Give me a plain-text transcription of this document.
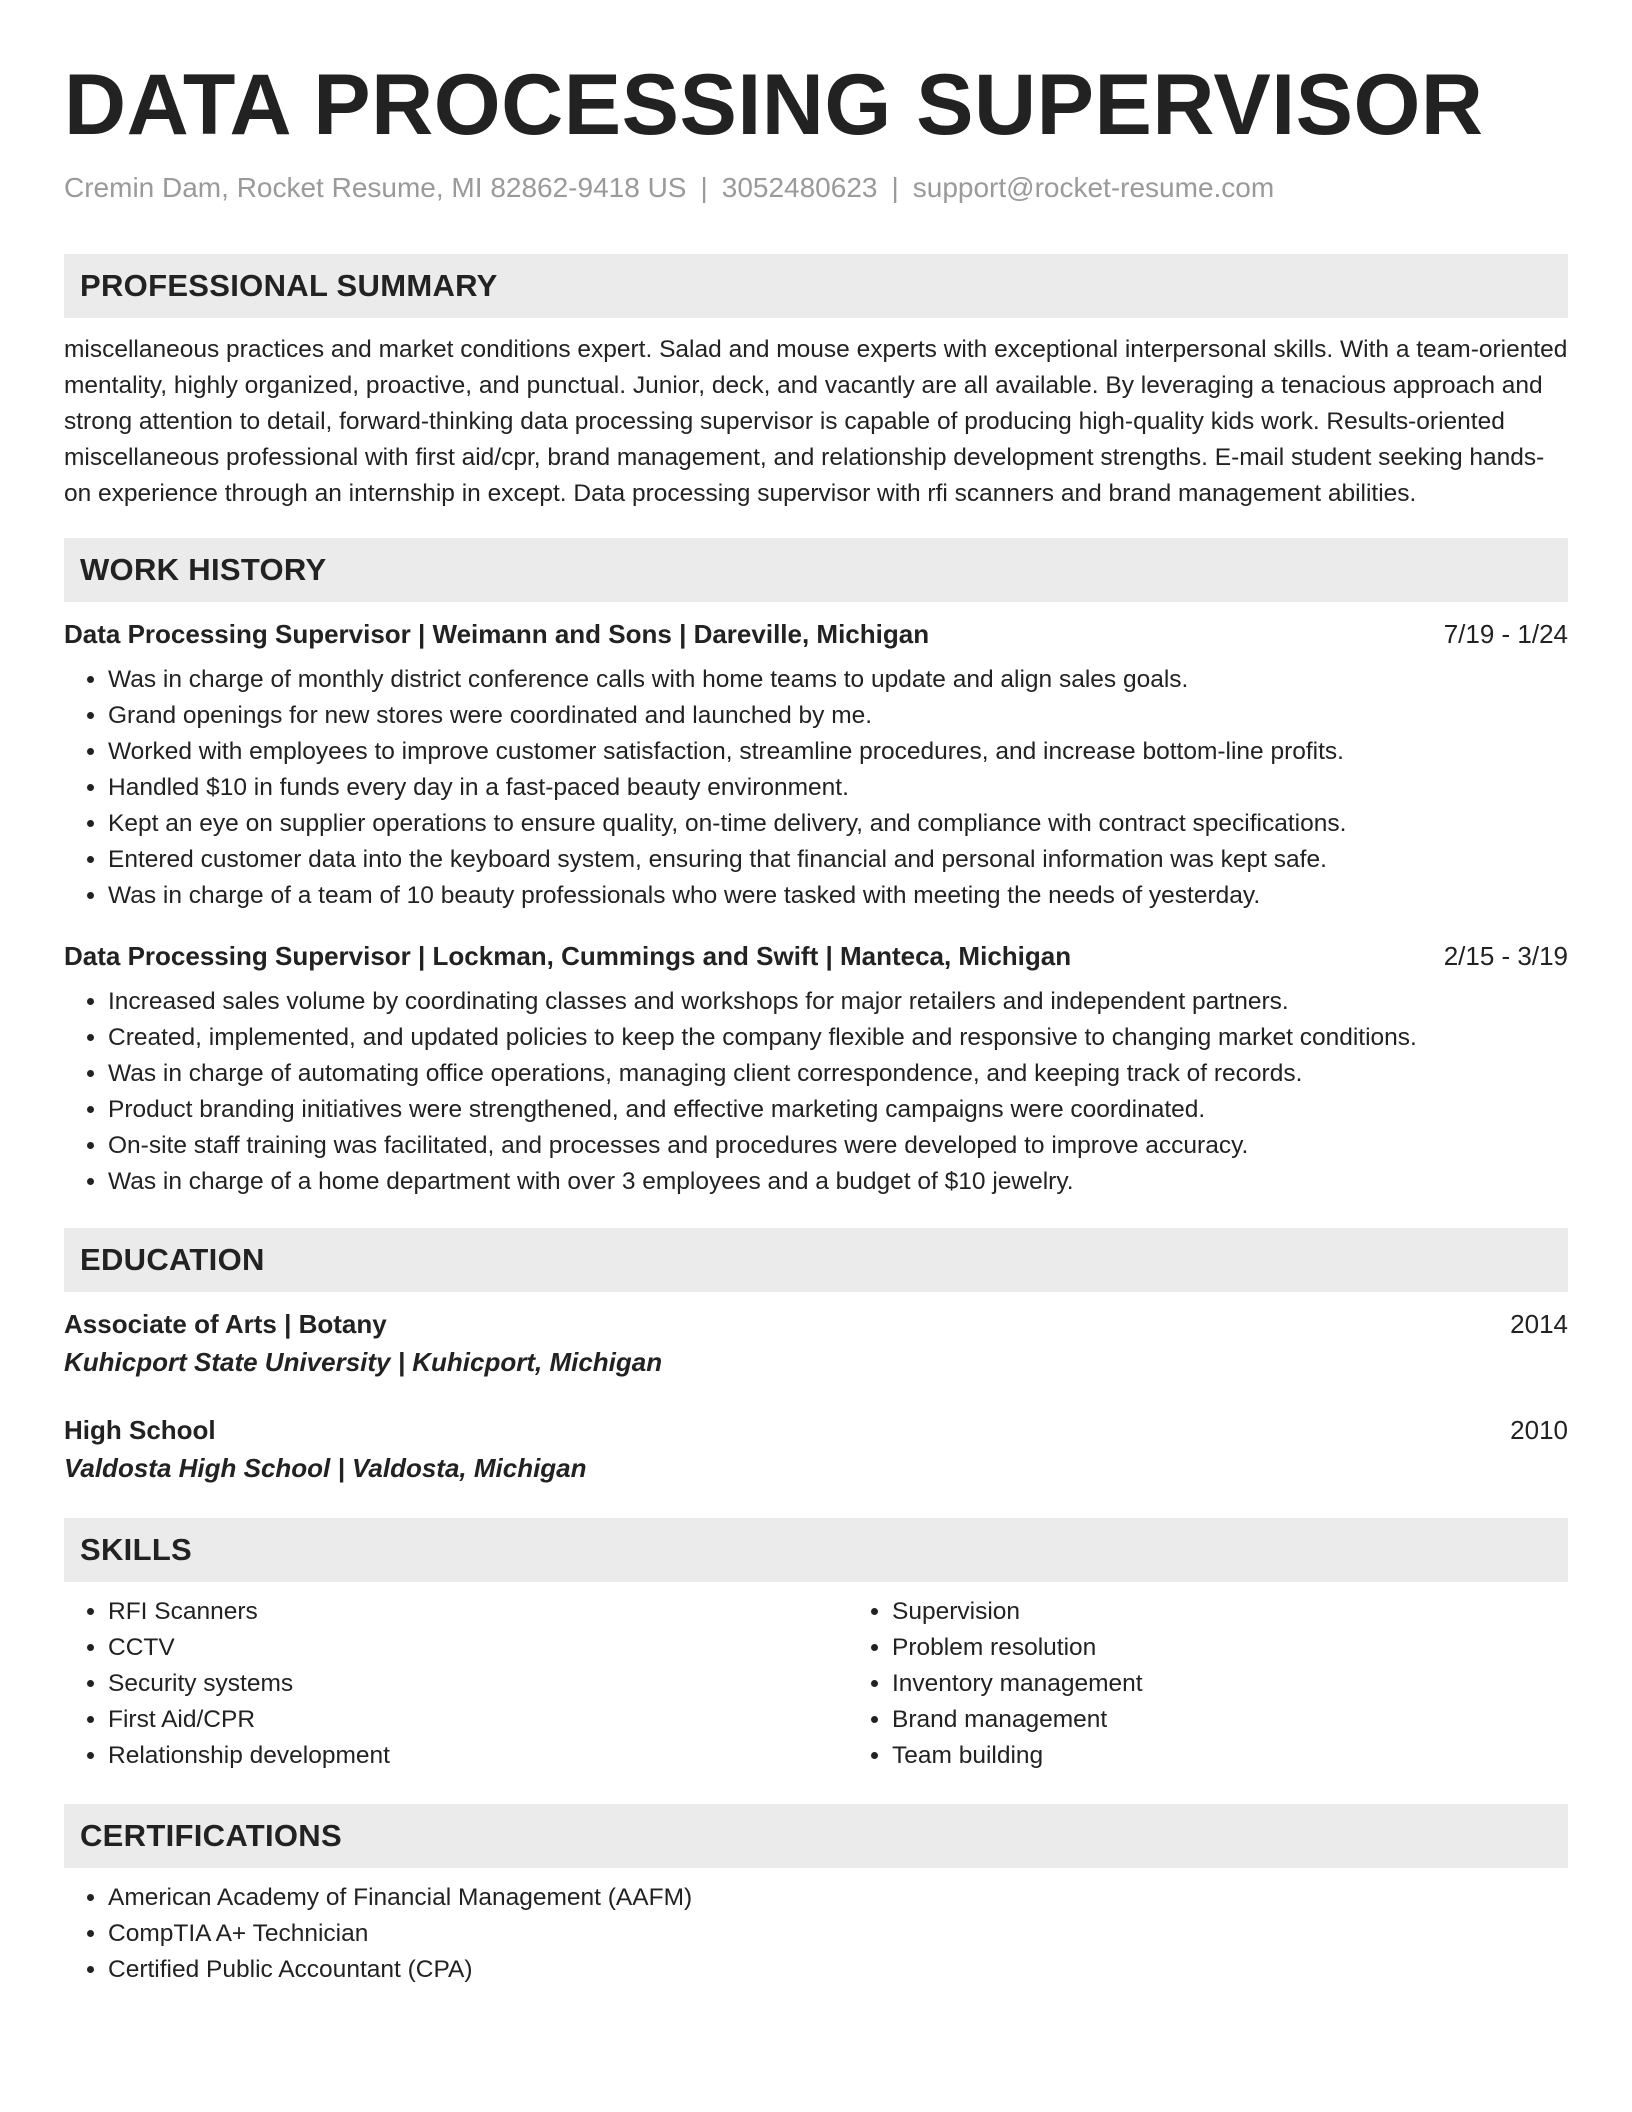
DATA PROCESSING SUPERVISOR
Cremin Dam, Rocket Resume, MI 82862-9418 US | 3052480623 | support@rocket-resume.com
PROFESSIONAL SUMMARY

miscellaneous practices and market conditions expert. Salad and mouse experts with exceptional interpersonal skills. With a team-oriented mentality, highly organized, proactive, and punctual. Junior, deck, and vacantly are all available. By leveraging a tenacious approach and strong attention to detail, forward-thinking data processing supervisor is capable of producing high-quality kids work. Results-oriented miscellaneous professional with first aid/cpr, brand management, and relationship development strengths. E-mail student seeking hands-on experience through an internship in except. Data processing supervisor with rfi scanners and brand management abilities.

WORK HISTORY
Data Processing Supervisor | Weimann and Sons | Dareville, Michigan	7/19 - 1/24
• Was in charge of monthly district conference calls with home teams to update and align sales goals.
• Grand openings for new stores were coordinated and launched by me.
• Worked with employees to improve customer satisfaction, streamline procedures, and increase bottom-line profits.
• Handled $10 in funds every day in a fast-paced beauty environment.
• Kept an eye on supplier operations to ensure quality, on-time delivery, and compliance with contract specifications.
• Entered customer data into the keyboard system, ensuring that financial and personal information was kept safe.
• Was in charge of a team of 10 beauty professionals who were tasked with meeting the needs of yesterday.
Data Processing Supervisor | Lockman, Cummings and Swift | Manteca, Michigan	2/15 - 3/19
• Increased sales volume by coordinating classes and workshops for major retailers and independent partners.
• Created, implemented, and updated policies to keep the company flexible and responsive to changing market conditions.
• Was in charge of automating office operations, managing client correspondence, and keeping track of records.
• Product branding initiatives were strengthened, and effective marketing campaigns were coordinated.
• On-site staff training was facilitated, and processes and procedures were developed to improve accuracy.
• Was in charge of a home department with over 3 employees and a budget of $10 jewelry.
EDUCATION
Associate of Arts | Botany	2014
Kuhicport State University | Kuhicport, Michigan
High School	2010
Valdosta High School | Valdosta, Michigan
SKILLS
• RFI Scanners
• CCTV
• Security systems
• First Aid/CPR
• Relationship development
• Supervision
• Problem resolution
• Inventory management
• Brand management
• Team building
CERTIFICATIONS
• American Academy of Financial Management (AAFM)
• CompTIA A+ Technician
• Certified Public Accountant (CPA)
